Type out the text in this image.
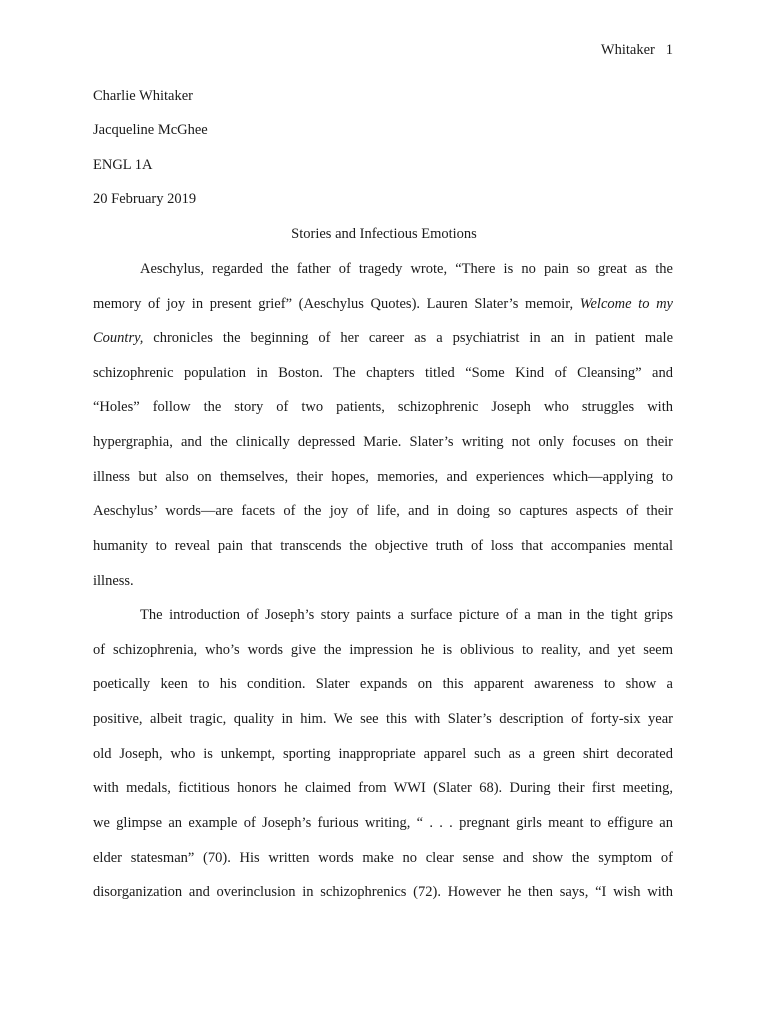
Whitaker   1
Charlie Whitaker
Jacqueline McGhee
ENGL 1A
20 February 2019
Stories and Infectious Emotions
Aeschylus, regarded the father of tragedy wrote, “There is no pain so great as the
memory of joy in present grief” (Aeschylus Quotes). Lauren Slater’s memoir, Welcome to my
Country, chronicles the beginning of her career as a psychiatrist in an in patient male
schizophrenic population in Boston. The chapters titled “Some Kind of Cleansing” and
“Holes” follow the story of two patients, schizophrenic Joseph who struggles with
hypergraphia, and the clinically depressed Marie. Slater’s writing not only focuses on their
illness but also on themselves, their hopes, memories, and experiences which—applying to
Aeschylus’ words—are facets of the joy of life, and in doing so captures aspects of their
humanity to reveal pain that transcends the objective truth of loss that accompanies mental
illness.
The introduction of Joseph’s story paints a surface picture of a man in the tight grips
of schizophrenia, who’s words give the impression he is oblivious to reality, and yet seem
poetically keen to his condition. Slater expands on this apparent awareness to show a
positive, albeit tragic, quality in him. We see this with Slater’s description of forty-six year
old Joseph, who is unkempt, sporting inappropriate apparel such as a green shirt decorated
with medals, fictitious honors he claimed from WWI (Slater 68). During their first meeting,
we glimpse an example of Joseph’s furious writing, “ . . . pregnant girls meant to effigure an
elder statesman” (70). His written words make no clear sense and show the symptom of
disorganization and overinclusion in schizophrenics (72). However he then says, “I wish with
